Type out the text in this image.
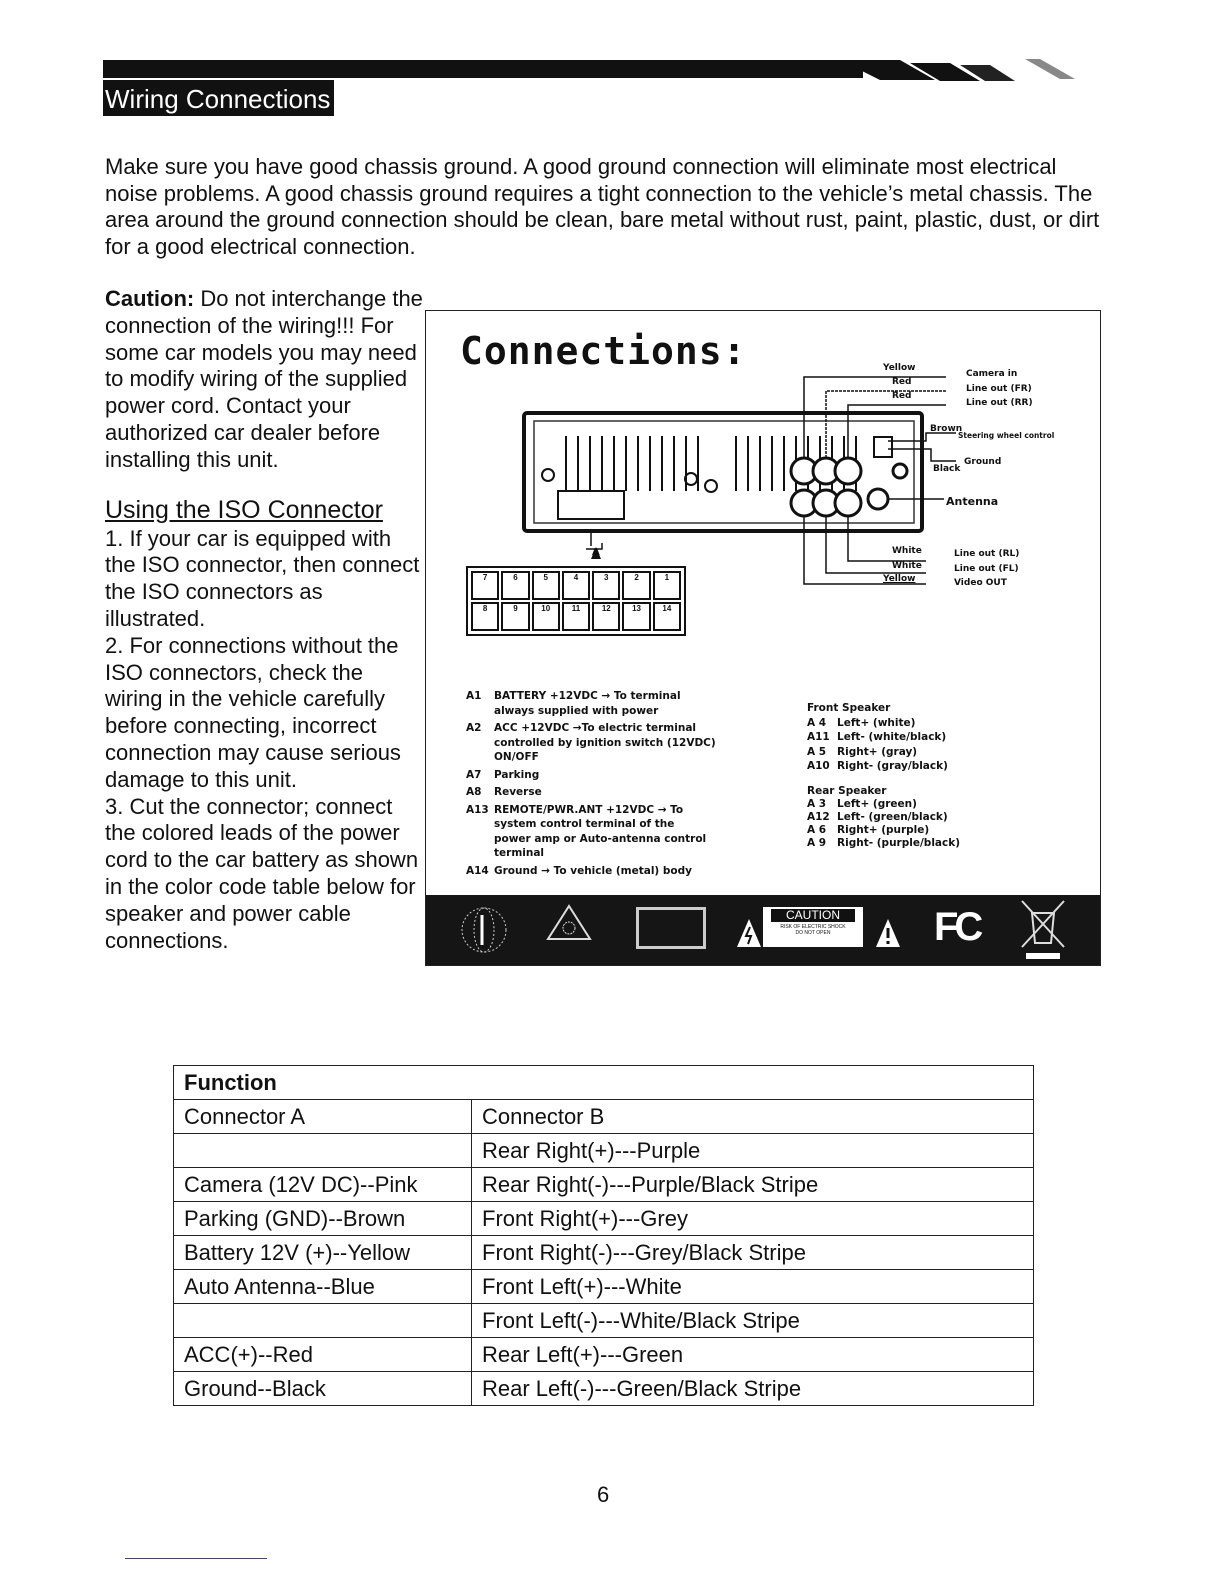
Wiring Connections

Make sure you have good chassis ground. A good ground connection will eliminate most electrical noise problems. A good chassis ground requires a tight connection to the vehicle’s metal chassis. The area around the ground connection should be clean, bare metal without rust, paint, plastic, dust, or dirt for a good electrical connection.

Caution: Do not interchange the connection of the wiring!!! For some car models you may need to modify wiring of the supplied power cord. Contact your authorized car dealer before installing this unit.

Using the ISO Connector

1. If your car is equipped with the ISO connector, then connect the ISO connectors as illustrated.

2. For connections without the ISO connectors, check the wiring in the vehicle carefully before connecting, incorrect connection may cause serious damage to this unit.

3. Cut the connector; connect the colored leads of the power cord to the car battery as shown in the color code table below for speaker and power cable connections.

Connections:	Yellow
Red
Red
Camera in
Line out (FR)
Line out (RR)
Brown
Steering wheel control
Ground
Black
Antenna
White
White
Yellow
Line out (RL)
Line out (FL)
Video OUT
A
7	6	5	4	3	2	1
8	9	10	11	12	13	14
A1 BATTERY +12VDC → To terminal
always supplied with power
A2 ACC +12VDC →To electric terminal
controlled by ignition switch (12VDC)
ON/OFF
A7 Parking
A8 Reverse
A13 REMOTE/PWR.ANT +12VDC → To
system control terminal of the
power amp or Auto-antenna control
terminal
A14 Ground → To vehicle (metal) body
Front Speaker
A 4   Left+ (white)
A11  Left- (white/black)
A 5   Right+ (gray)
A10  Right- (gray/black)
Rear Speaker
A 3   Left+ (green)
A12  Left- (green/black)
A 6   Right+ (purple)
A 9   Right- (purple/black)
CAUTION
RISK OF ELECTRIC SHOCK
DO NOT OPEN	FC
Function	
Connector A	Connector B
	Rear Right(+)---Purple
Camera (12V DC)--Pink	Rear Right(-)---Purple/Black Stripe
Parking (GND)--Brown	Front Right(+)---Grey
Battery 12V (+)--Yellow	Front Right(-)---Grey/Black Stripe
Auto Antenna--Blue	Front Left(+)---White
	Front Left(-)---White/Black Stripe
ACC(+)--Red	Rear Left(+)---Green
Ground--Black	Rear Left(-)---Green/Black Stripe
6
